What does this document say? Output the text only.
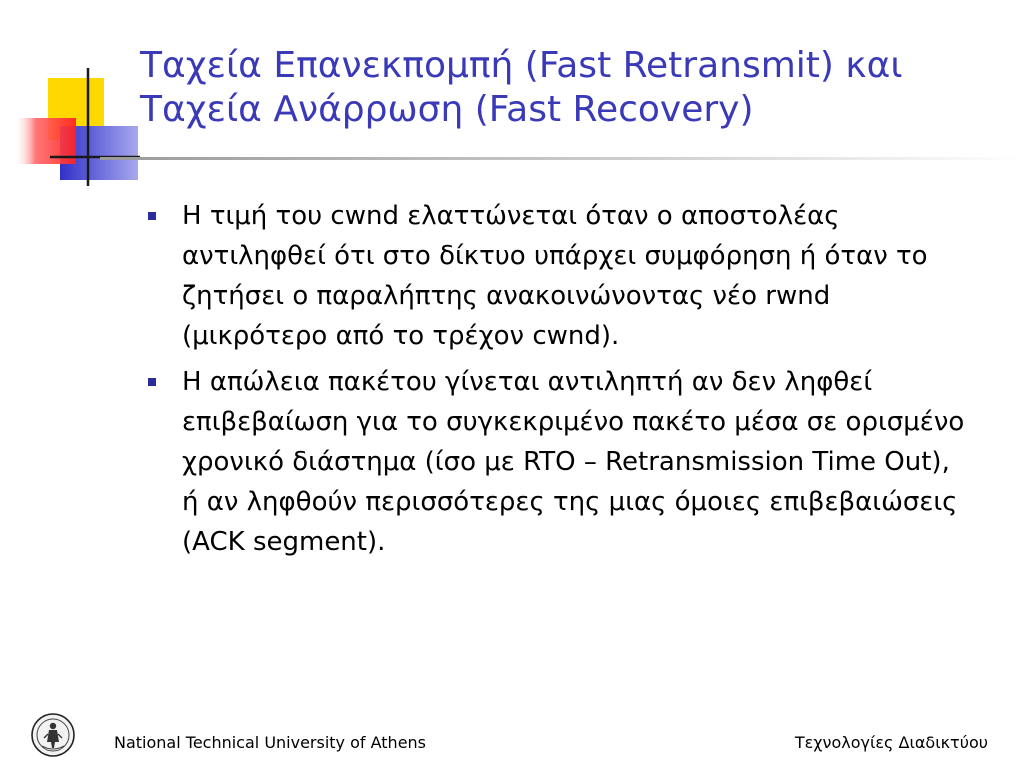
Ταχεία Επανεκπομπή (Fast Retransmit) και
Ταχεία Ανάρρωση (Fast Recovery)
Η τιμή του cwnd ελαττώνεται όταν ο αποστολέας αντιληφθεί ότι στο δίκτυο υπάρχει συμφόρηση ή όταν το ζητήσει ο παραλήπτης ανακοινώνοντας νέο rwnd (μικρότερο από το τρέχον cwnd).
Η απώλεια πακέτου γίνεται αντιληπτή αν δεν ληφθεί επιβεβαίωση για το συγκεκριμένο πακέτο μέσα σε ορισμένο χρονικό διάστημα (ίσο με RTO – Retransmission Time Out), ή αν ληφθούν περισσότερες της μιας όμοιες επιβεβαιώσεις (ACK segment).
National Technical University of Athens	Τεχνολογίες Διαδικτύου
